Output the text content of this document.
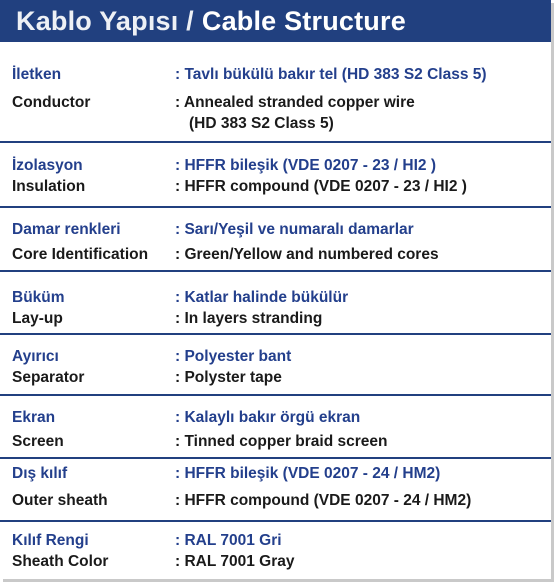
Kablo Yapısı / Cable Structure
İletken	: Tavlı bükülü bakır tel (HD 383 S2 Class 5)
Conductor	: Annealed stranded copper wire
(HD 383 S2 Class 5)
İzolasyon	: HFFR bileşik (VDE 0207 - 23 / HI2 )
Insulation	: HFFR compound (VDE 0207 - 23 / HI2 )
Damar renkleri	: Sarı/Yeşil ve numaralı damarlar
Core Identification	: Green/Yellow and numbered cores
Büküm	: Katlar halinde bükülür
Lay-up	: In layers stranding
Ayırıcı	: Polyester bant
Separator	: Polyster tape
Ekran	: Kalaylı bakır örgü ekran
Screen	: Tinned copper braid screen
Dış kılıf	: HFFR bileşik (VDE 0207 - 24 / HM2)
Outer sheath	: HFFR compound (VDE 0207 - 24 / HM2)
Kılıf Rengi	: RAL 7001 Gri
Sheath Color	: RAL 7001 Gray
